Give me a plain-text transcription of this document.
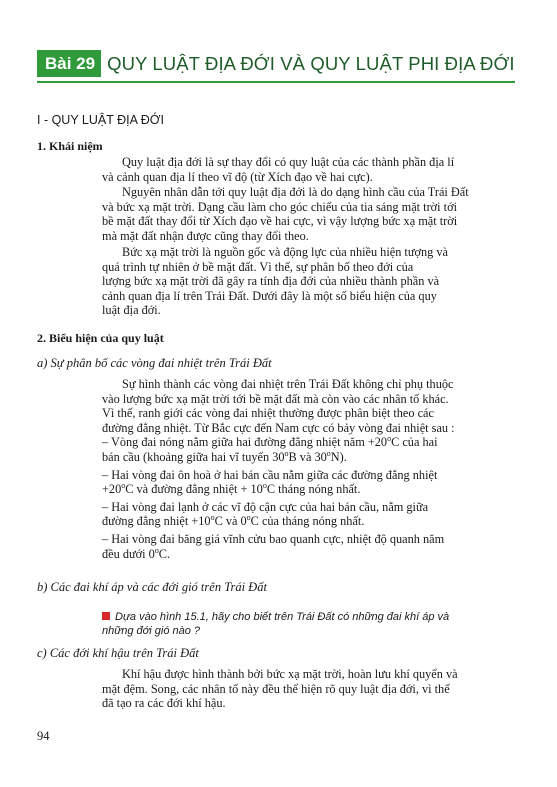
Bài 29 QUY LUẬT ĐỊA ĐỚI VÀ QUY LUẬT PHI ĐỊA ĐỚI
I - QUY LUẬT ĐỊA ĐỚI
1. Khái niệm
Quy luật địa đới là sự thay đổi có quy luật của các thành phần địa lí
và cảnh quan địa lí theo vĩ độ (từ Xích đạo về hai cực).
Nguyên nhân dẫn tới quy luật địa đới là do dạng hình cầu của Trái Đất
và bức xạ mặt trời. Dạng cầu làm cho góc chiếu của tia sáng mặt trời tới
bề mặt đất thay đổi từ Xích đạo về hai cực, vì vậy lượng bức xạ mặt trời
mà mặt đất nhận được cũng thay đổi theo.
Bức xạ mặt trời là nguồn gốc và động lực của nhiều hiện tượng và
quá trình tự nhiên ở bề mặt đất. Vì thế, sự phân bố theo đới của
lượng bức xạ mặt trời đã gây ra tính địa đới của nhiều thành phần và
cảnh quan địa lí trên Trái Đất. Dưới đây là một số biểu hiện của quy
luật địa đới.
2. Biểu hiện của quy luật
a) Sự phân bố các vòng đai nhiệt trên Trái Đất
Sự hình thành các vòng đai nhiệt trên Trái Đất không chỉ phụ thuộc
vào lượng bức xạ mặt trời tới bề mặt đất mà còn vào các nhân tố khác.
Vì thế, ranh giới các vòng đai nhiệt thường được phân biệt theo các
đường đẳng nhiệt. Từ Bắc cực đến Nam cực có bảy vòng đai nhiệt sau :
– Vòng đai nóng nằm giữa hai đường đẳng nhiệt năm $+20^oC$ của hai
bán cầu (khoảng giữa hai vĩ tuyến 30$^o$B và 30$^o$N).
– Hai vòng đai ôn hoà ở hai bán cầu nằm giữa các đường đẳng nhiệt
$+20^oC$ và đường đẳng nhiệt + $10^oC$ tháng nóng nhất.
– Hai vòng đai lạnh ở các vĩ độ cận cực của hai bán cầu, nằm giữa
đường đẳng nhiệt $+10^oC$ và 0$^o$C của tháng nóng nhất.
– Hai vòng đai băng giá vĩnh cửu bao quanh cực, nhiệt độ quanh năm
đều dưới 0$^o$C.
b) Các đai khí áp và các đới gió trên Trái Đất
Dựa vào hình 15.1, hãy cho biết trên Trái Đất có những đai khí áp và
những đới gió nào ?
c) Các đới khí hậu trên Trái Đất
Khí hậu được hình thành bởi bức xạ mặt trời, hoàn lưu khí quyển và
mặt đệm. Song, các nhân tố này đều thể hiện rõ quy luật địa đới, vì thế
đã tạo ra các đới khí hậu.
94
